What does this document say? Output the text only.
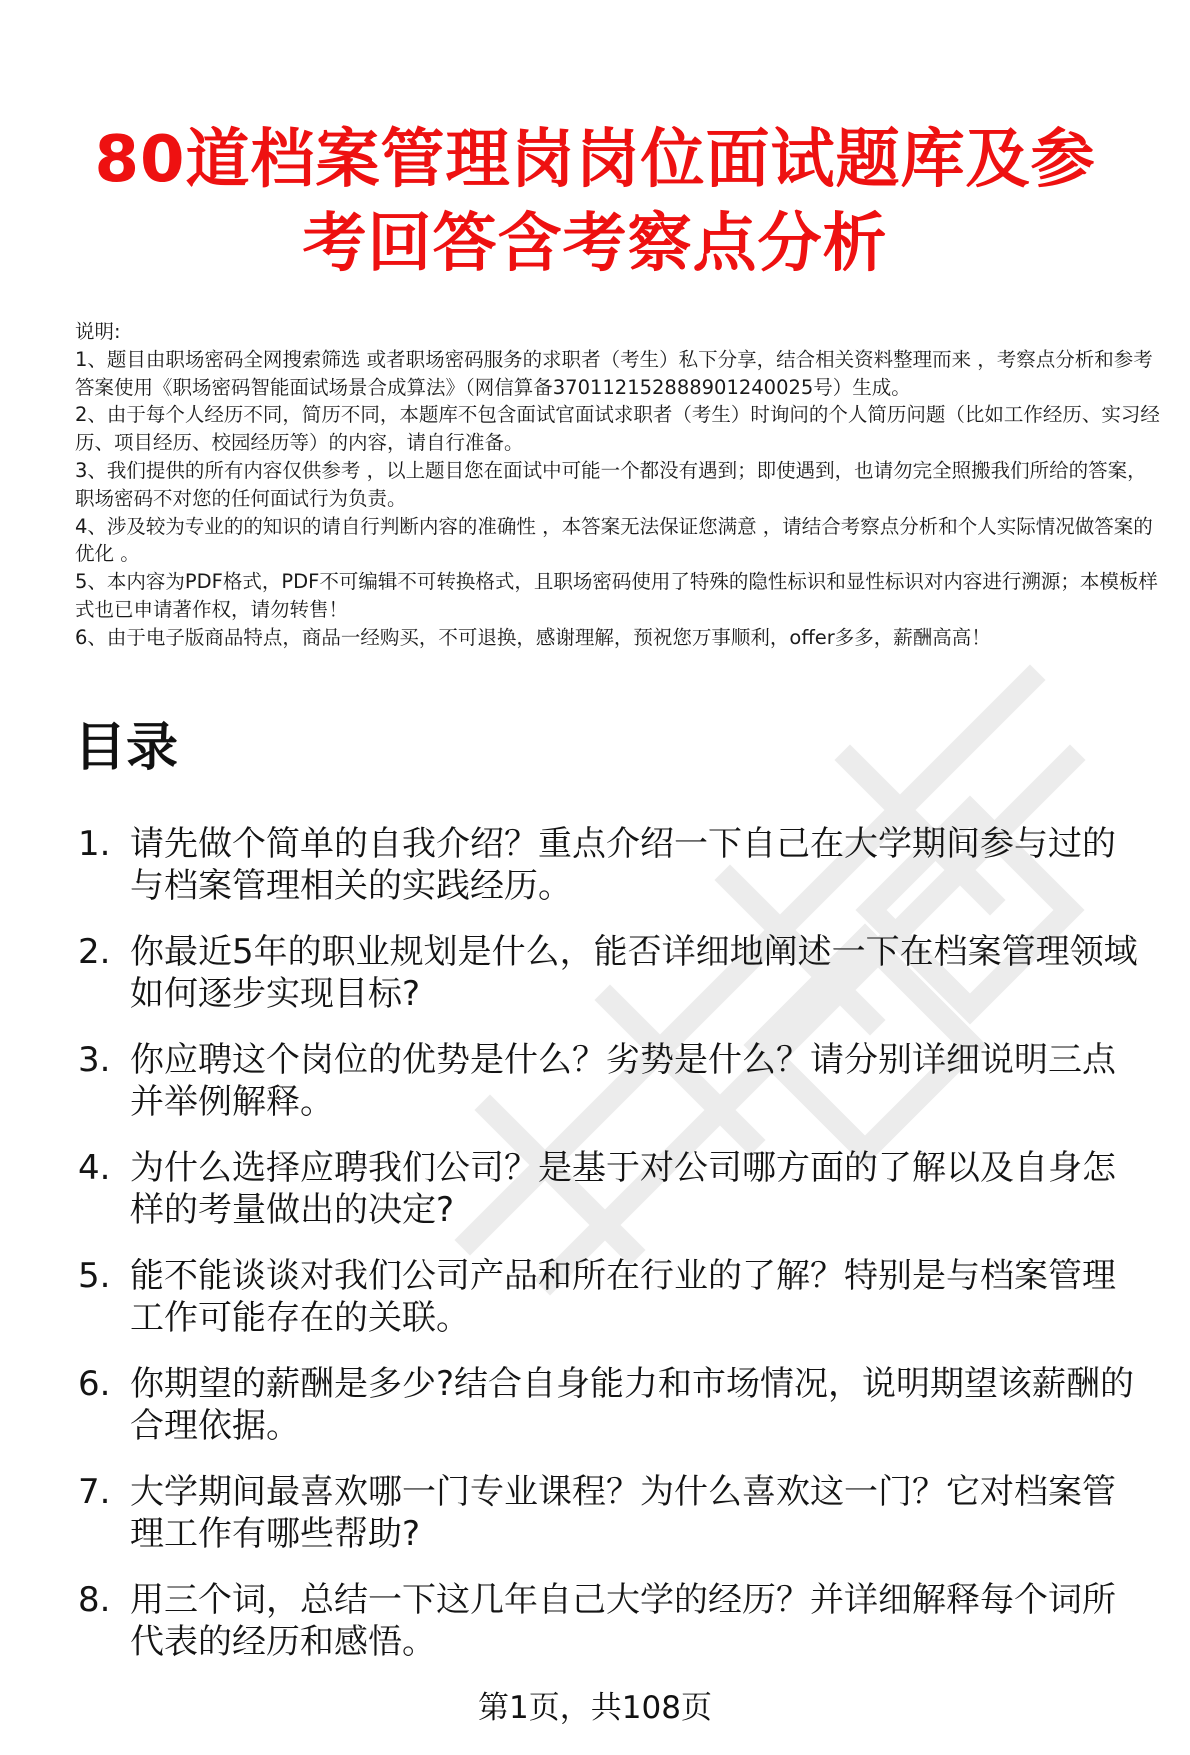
80道档案管理岗岗位面试题库及参
考回答含考察点分析

说明:

1、题目由职场密码全网搜索筛选 或者职场密码服务的求职者（考生）私下分享，结合相关资料整理而来 ，考察点分析和参考答案使用《职场密码智能面试场景合成算法》（网信算备370112152888901240025号）生成。

2、由于每个人经历不同，简历不同，本题库不包含面试官面试求职者（考生）时询问的个人简历问题（比如工作经历、实习经历、项目经历、校园经历等）的内容，请自行准备。

3、我们提供的所有内容仅供参考 ，以上题目您在面试中可能一个都没有遇到；即使遇到，也请勿完全照搬我们所给的答案，职场密码不对您的任何面试行为负责。

4、涉及较为专业的的知识的请自行判断内容的准确性 ，本答案无法保证您满意 ，请结合考察点分析和个人实际情况做答案的优化 。

5、本内容为PDF格式，PDF不可编辑不可转换格式，且职场密码使用了特殊的隐性标识和显性标识对内容进行溯源；本模板样式也已申请著作权，请勿转售！

6、由于电子版商品特点，商品一经购买，不可退换，感谢理解，预祝您万事顺利，offer多多，薪酬高高！

目录
1. 请先做个简单的自我介绍？重点介绍一下自己在大学期间参与过的与档案管理相关的实践经历。
2. 你最近5年的职业规划是什么，能否详细地阐述一下在档案管理领域如何逐步实现目标?
3. 你应聘这个岗位的优势是什么？劣势是什么？请分别详细说明三点并举例解释。
4. 为什么选择应聘我们公司？是基于对公司哪方面的了解以及自身怎样的考量做出的决定?
5. 能不能谈谈对我们公司产品和所在行业的了解？特别是与档案管理工作可能存在的关联。
6. 你期望的薪酬是多少?结合自身能力和市场情况，说明期望该薪酬的合理依据。
7. 大学期间最喜欢哪一门专业课程？为什么喜欢这一门？它对档案管理工作有哪些帮助?
8. 用三个词，总结一下这几年自己大学的经历？并详细解释每个词所代表的经历和感悟。
第1页，共108页
